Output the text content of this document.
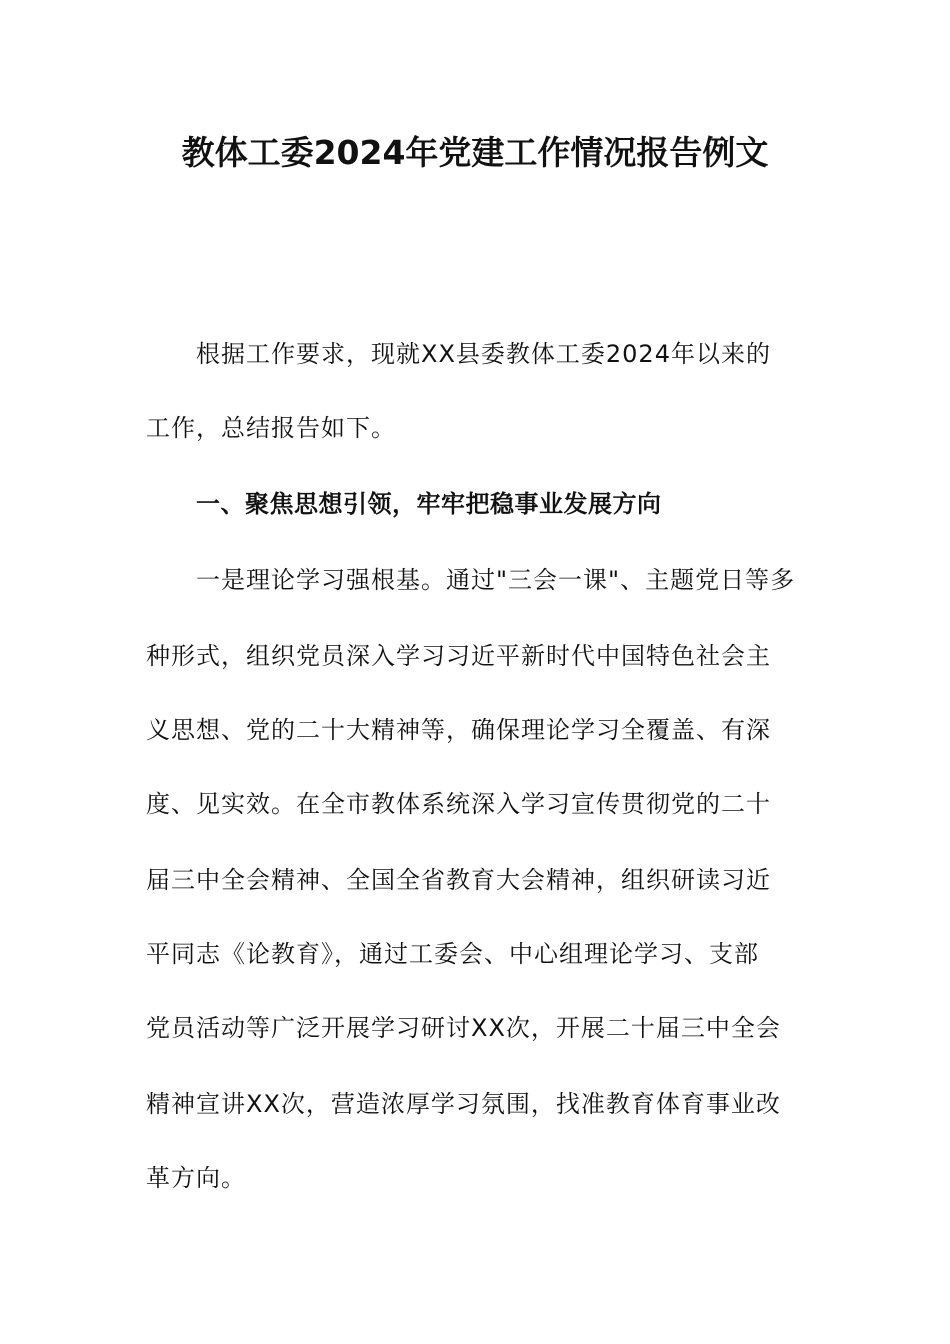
教体工委2024年党建工作情况报告例文

根据工作要求，现就XX县委教体工委2024年以来的

工作，总结报告如下。

一、聚焦思想引领，牢牢把稳事业发展方向

一是理论学习强根基。通过"三会一课"、主题党日等多

种形式，组织党员深入学习习近平新时代中国特色社会主

义思想、党的二十大精神等，确保理论学习全覆盖、有深

度、见实效。在全市教体系统深入学习宣传贯彻党的二十

届三中全会精神、全国全省教育大会精神，组织研读习近

平同志《论教育》，通过工委会、中心组理论学习、支部

党员活动等广泛开展学习研讨XX次，开展二十届三中全会

精神宣讲XX次，营造浓厚学习氛围，找准教育体育事业改

革方向。
